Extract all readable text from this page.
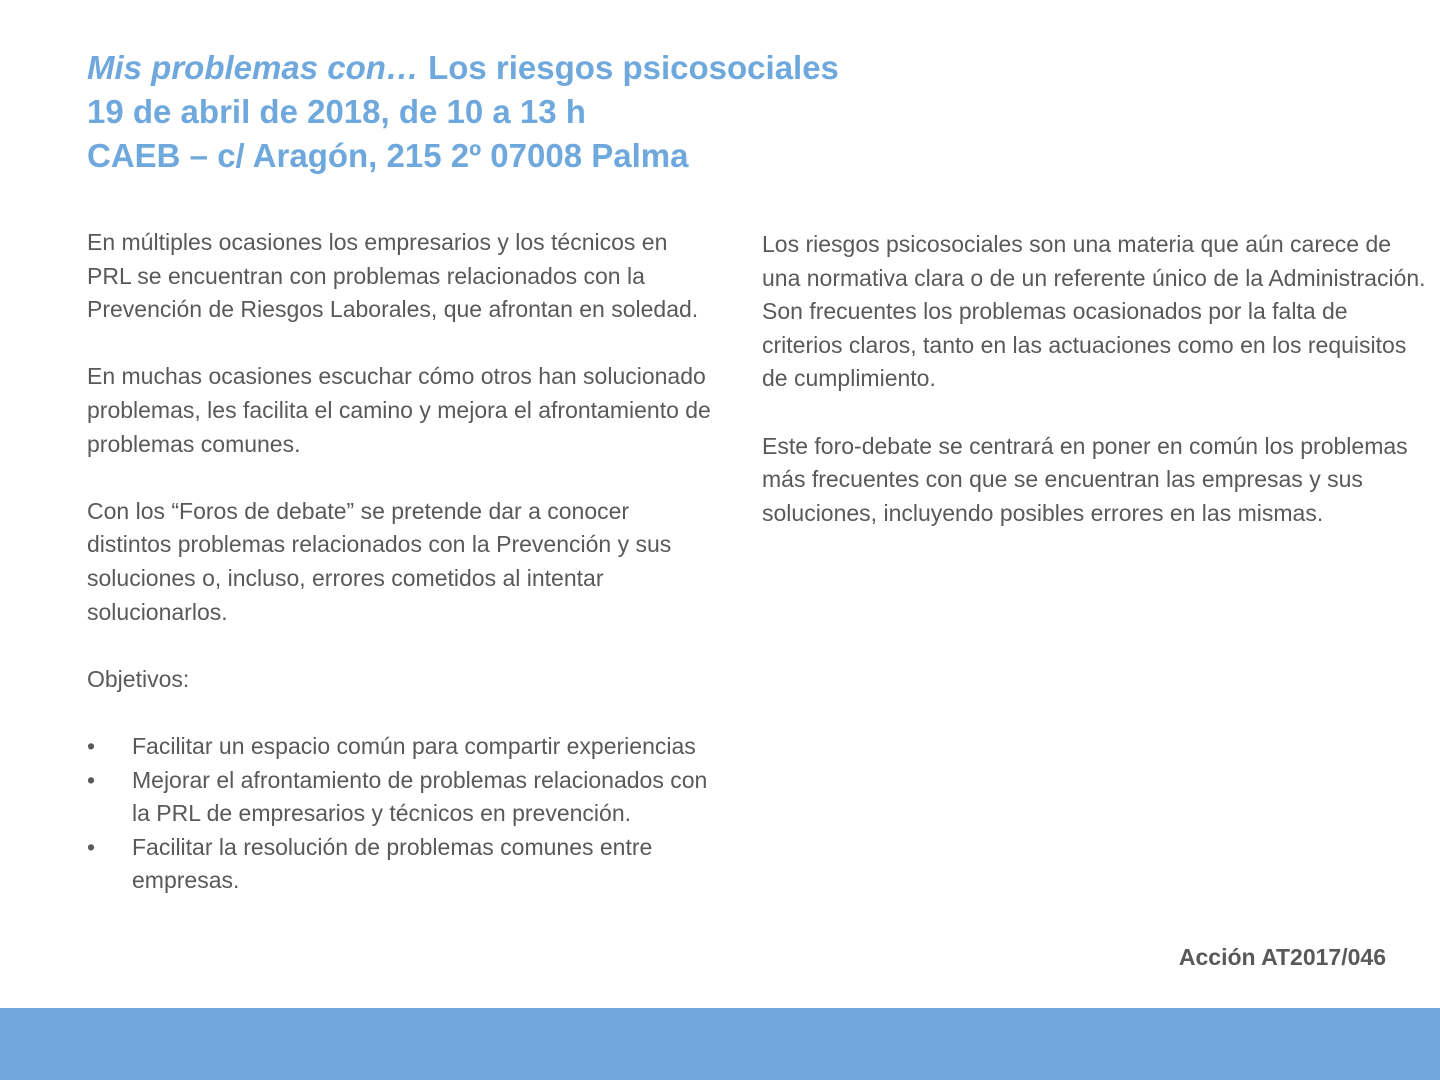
Mis problemas con… Los riesgos psicosociales
19 de abril de 2018, de 10 a 13 h
CAEB – c/ Aragón, 215 2º 07008 Palma

En múltiples ocasiones los empresarios y los técnicos en PRL se encuentran con problemas relacionados con la Prevención de Riesgos Laborales, que afrontan en soledad.

En muchas ocasiones escuchar cómo otros han solucionado problemas, les facilita el camino y mejora el afrontamiento de problemas comunes.

Con los “Foros de debate” se pretende dar a conocer distintos problemas relacionados con la Prevención y sus soluciones o, incluso, errores cometidos al intentar solucionarlos.

Objetivos:

• Facilitar un espacio común para compartir experiencias
• Mejorar el afrontamiento de problemas relacionados con la PRL de empresarios y técnicos en prevención.
• Facilitar la resolución de problemas comunes entre empresas.

Los riesgos psicosociales son una materia que aún carece de una normativa clara o de un referente único de la Administración. Son frecuentes los problemas ocasionados por la falta de criterios claros, tanto en las actuaciones como en los requisitos de cumplimiento.

Este foro-debate se centrará en poner en común los problemas más frecuentes con que se encuentran las empresas y sus soluciones, incluyendo posibles errores en las mismas.

Acción AT2017/046
